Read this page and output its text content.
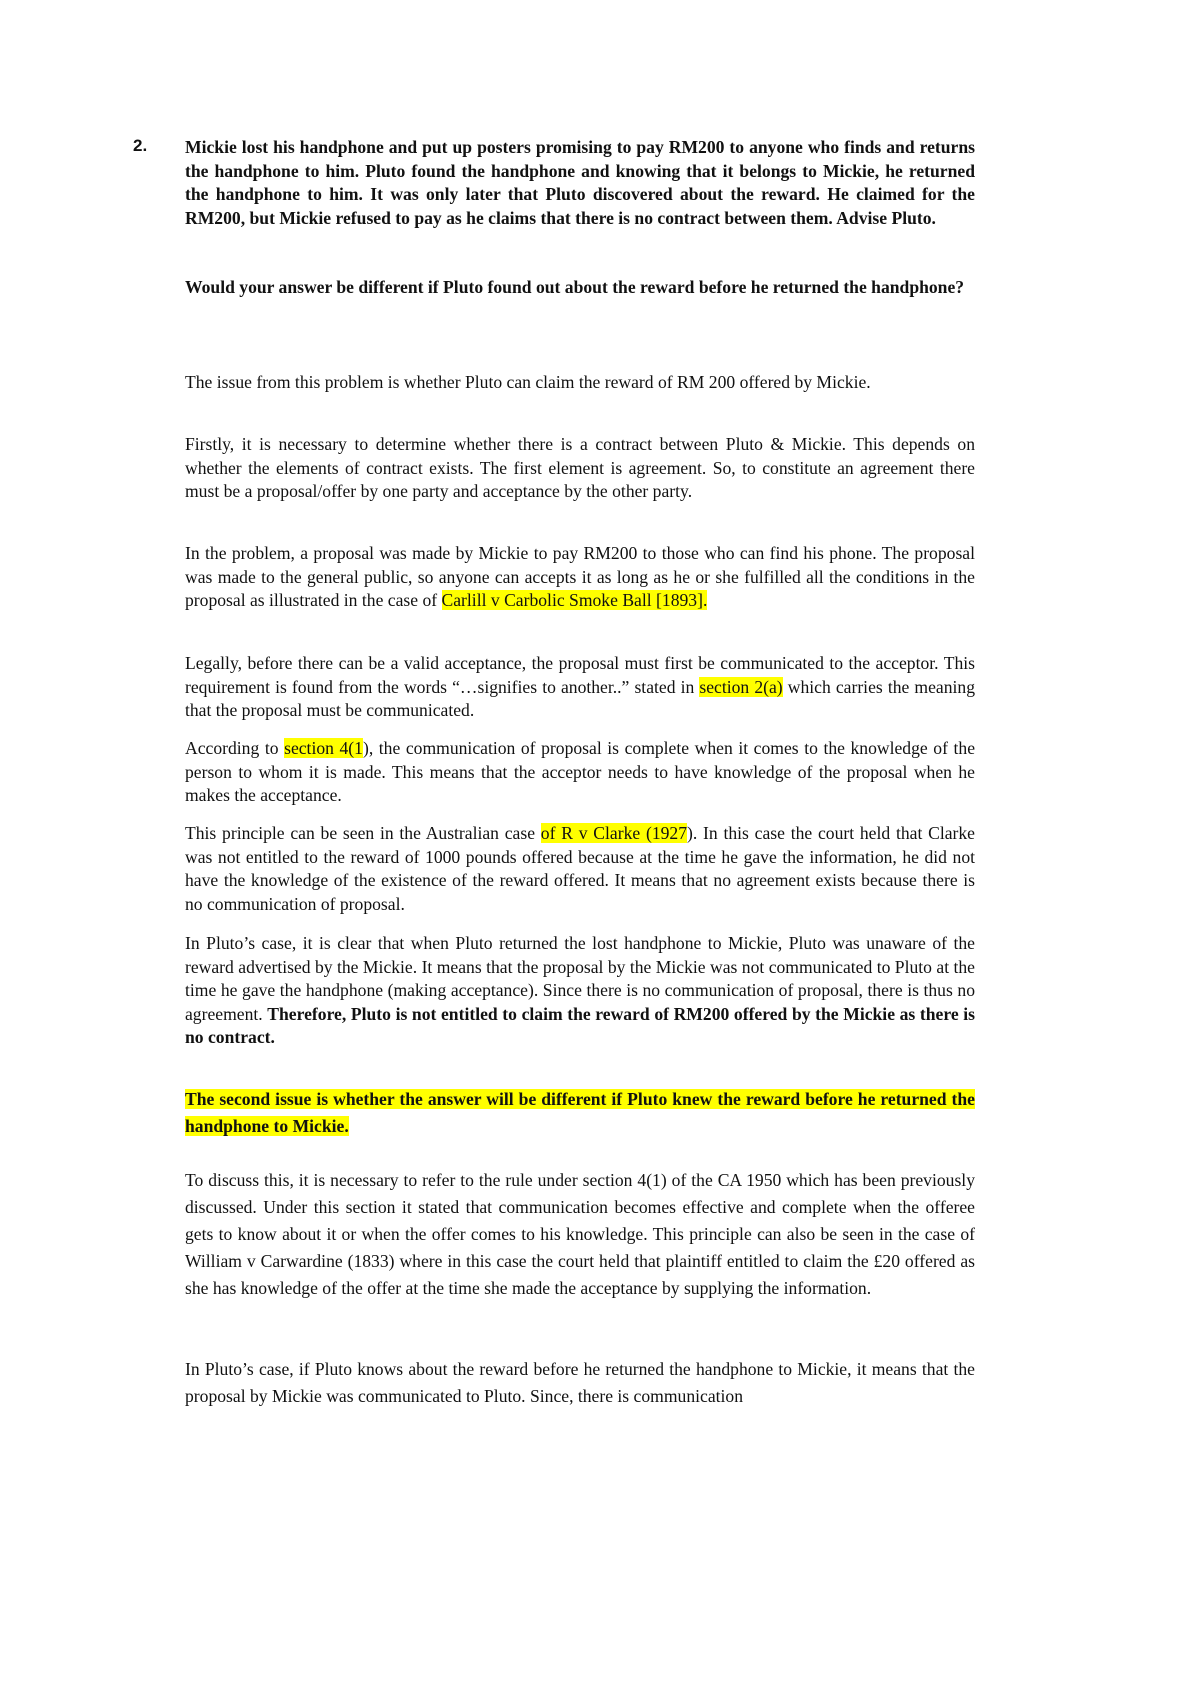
2. Mickie lost his handphone and put up posters promising to pay RM200 to anyone who finds and returns the handphone to him. Pluto found the handphone and knowing that it belongs to Mickie, he returned the handphone to him. It was only later that Pluto discovered about the reward. He claimed for the RM200, but Mickie refused to pay as he claims that there is no contract between them. Advise Pluto.

Would your answer be different if Pluto found out about the reward before he returned the handphone?

The issue from this problem is whether Pluto can claim the reward of RM 200 offered by Mickie.

Firstly, it is necessary to determine whether there is a contract between Pluto & Mickie. This depends on whether the elements of contract exists. The first element is agreement. So, to constitute an agreement there must be a proposal/offer by one party and acceptance by the other party.

In the problem, a proposal was made by Mickie to pay RM200 to those who can find his phone. The proposal was made to the general public, so anyone can accepts it as long as he or she fulfilled all the conditions in the proposal as illustrated in the case of Carlill v Carbolic Smoke Ball [1893].

Legally, before there can be a valid acceptance, the proposal must first be communicated to the acceptor. This requirement is found from the words “…signifies to another..” stated in section 2(a) which carries the meaning that the proposal must be communicated.

According to section 4(1), the communication of proposal is complete when it comes to the knowledge of the person to whom it is made. This means that the acceptor needs to have knowledge of the proposal when he makes the acceptance.

This principle can be seen in the Australian case of R v Clarke (1927). In this case the court held that Clarke was not entitled to the reward of 1000 pounds offered because at the time he gave the information, he did not have the knowledge of the existence of the reward offered. It means that no agreement exists because there is no communication of proposal.

In Pluto’s case, it is clear that when Pluto returned the lost handphone to Mickie, Pluto was unaware of the reward advertised by the Mickie. It means that the proposal by the Mickie was not communicated to Pluto at the time he gave the handphone (making acceptance). Since there is no communication of proposal, there is thus no agreement. Therefore, Pluto is not entitled to claim the reward of RM200 offered by the Mickie as there is no contract.

The second issue is whether the answer will be different if Pluto knew the reward before he returned the handphone to Mickie.

To discuss this, it is necessary to refer to the rule under section 4(1) of the CA 1950 which has been previously discussed. Under this section it stated that communication becomes effective and complete when the offeree gets to know about it or when the offer comes to his knowledge. This principle can also be seen in the case of William v Carwardine (1833) where in this case the court held that plaintiff entitled to claim the £20 offered as she has knowledge of the offer at the time she made the acceptance by supplying the information.

In Pluto’s case, if Pluto knows about the reward before he returned the handphone to Mickie, it means that the proposal by Mickie was communicated to Pluto. Since, there is communication
